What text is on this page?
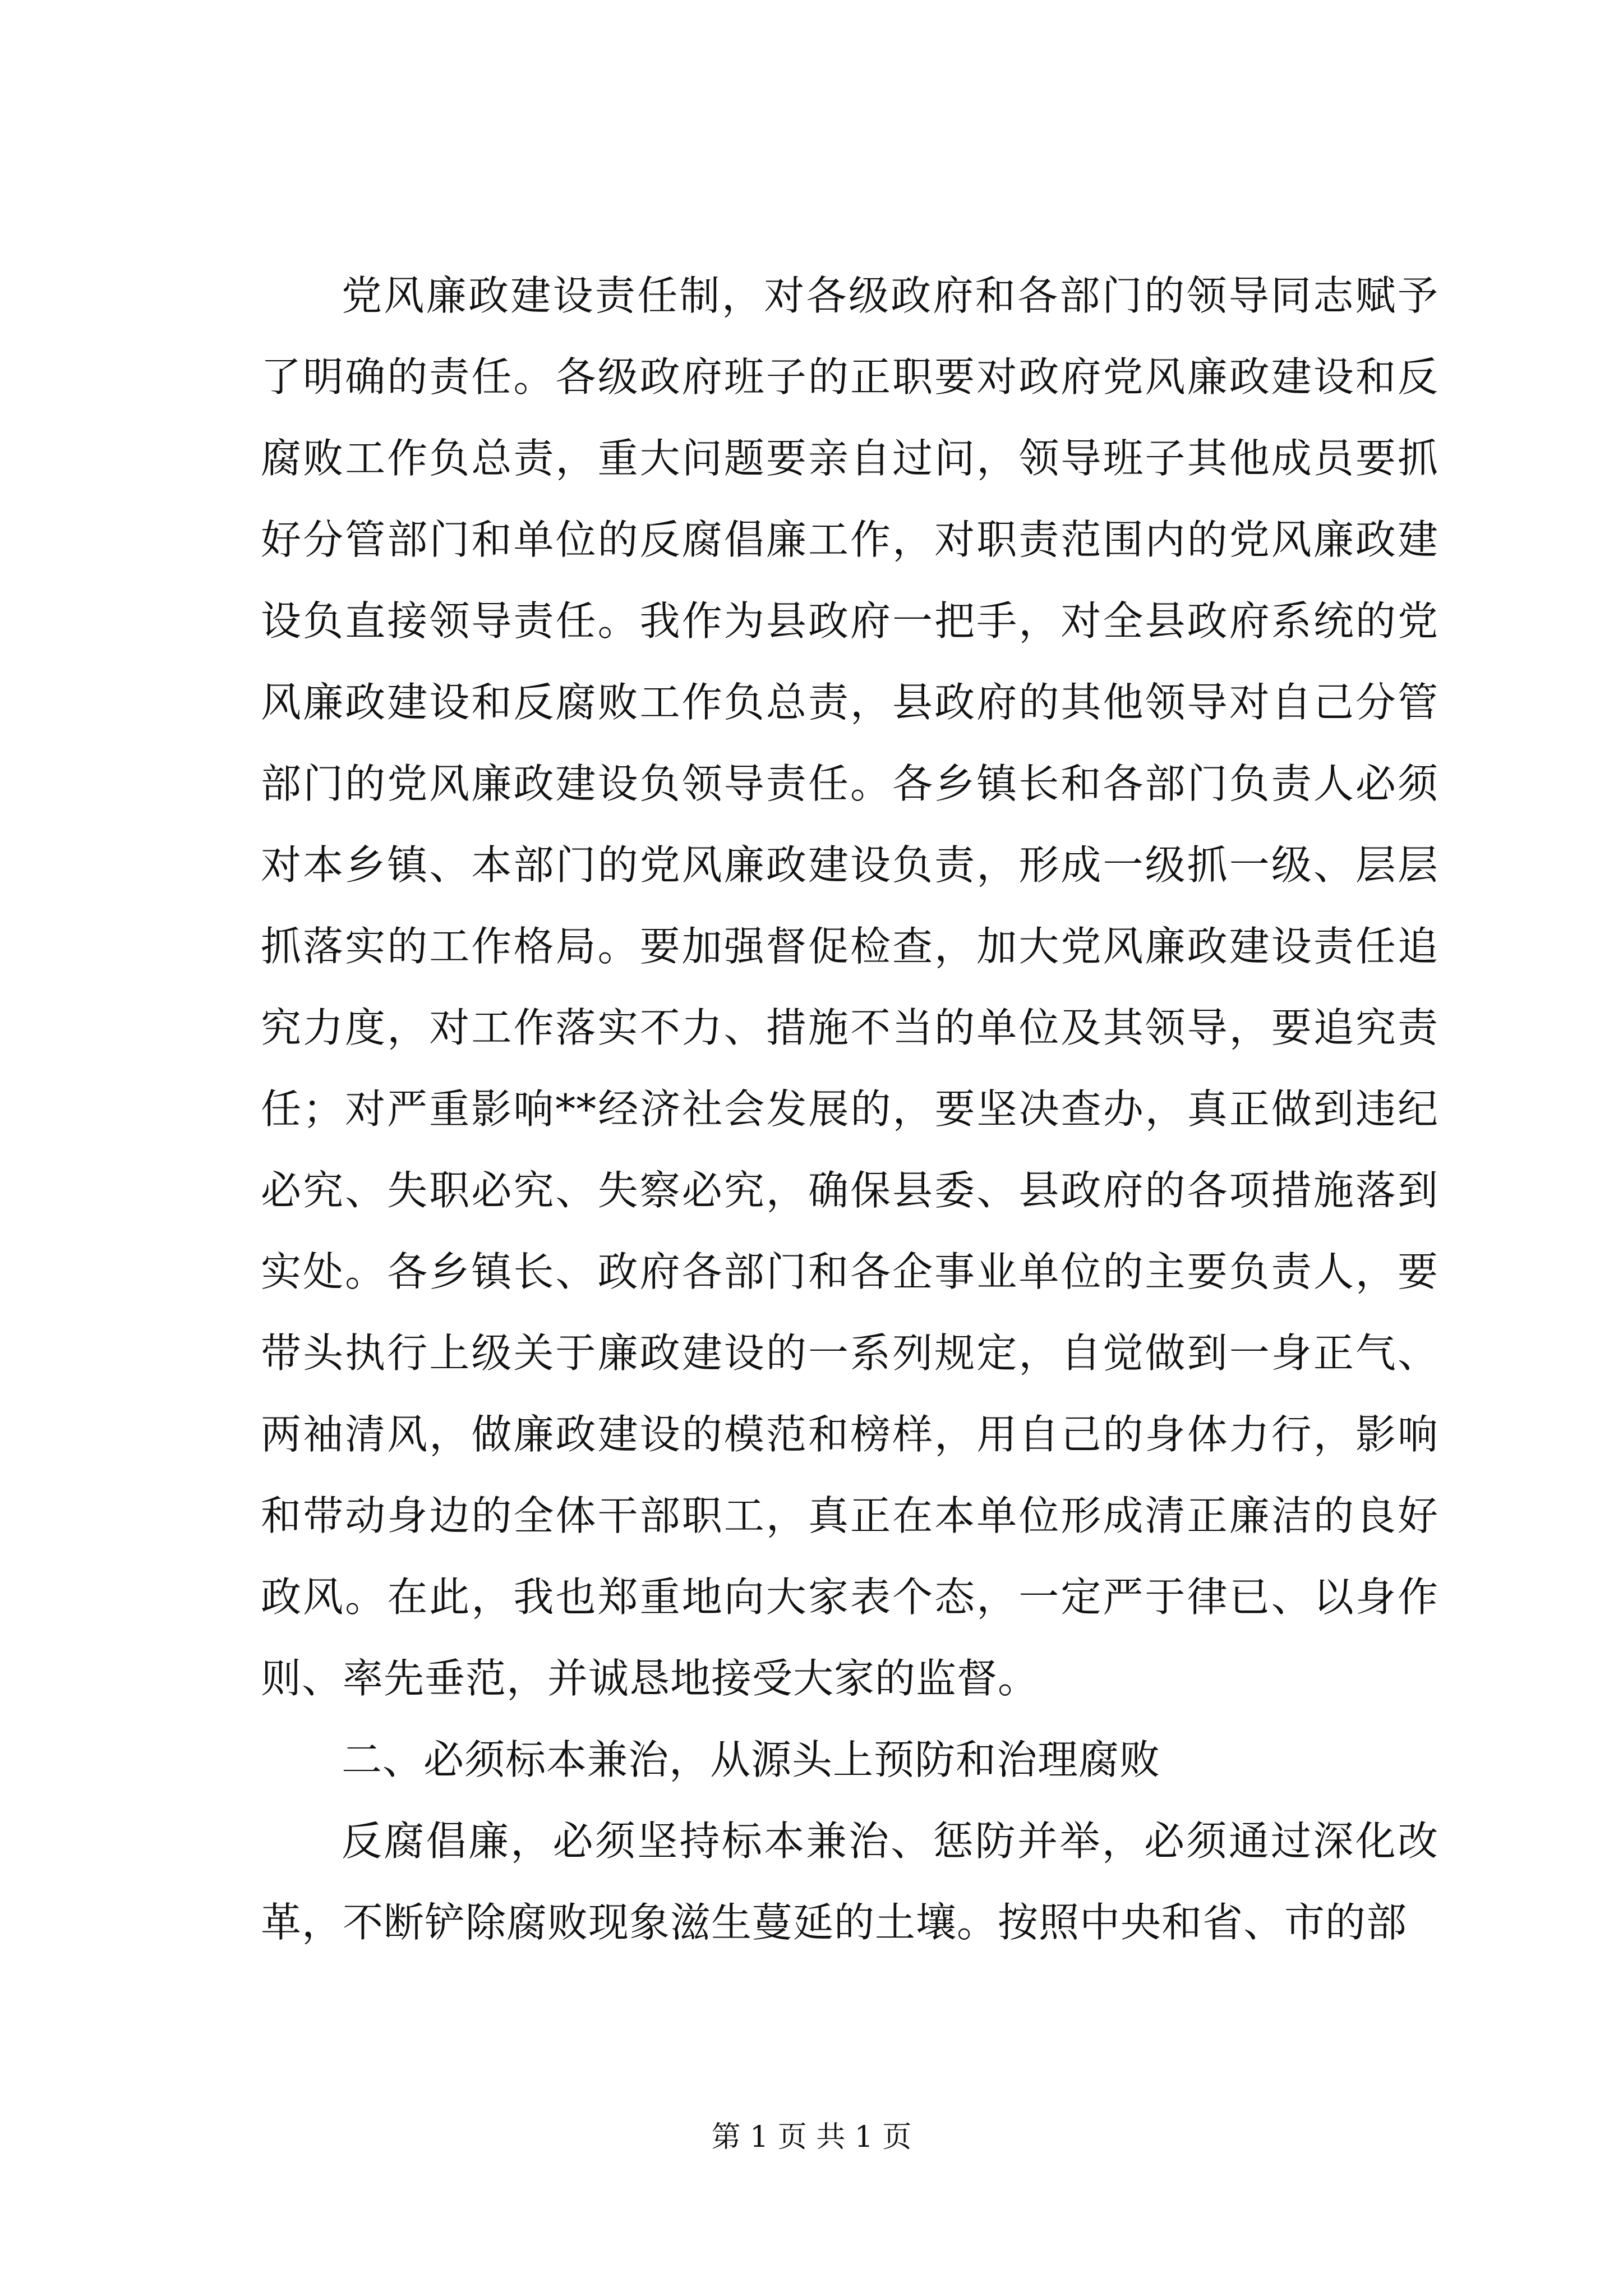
党风廉政建设责任制，对各级政府和各部门的领导同志赋予了明确的责任。各级政府班子的正职要对政府党风廉政建设和反腐败工作负总责，重大问题要亲自过问，领导班子其他成员要抓好分管部门和单位的反腐倡廉工作，对职责范围内的党风廉政建设负直接领导责任。我作为县政府一把手，对全县政府系统的党风廉政建设和反腐败工作负总责，县政府的其他领导对自己分管部门的党风廉政建设负领导责任。各乡镇长和各部门负责人必须对本乡镇、本部门的党风廉政建设负责，形成一级抓一级、层层抓落实的工作格局。要加强督促检查，加大党风廉政建设责任追究力度，对工作落实不力、措施不当的单位及其领导，要追究责任；对严重影响**经济社会发展的，要坚决查办，真正做到违纪必究、失职必究、失察必究，确保县委、县政府的各项措施落到实处。各乡镇长、政府各部门和各企事业单位的主要负责人，要带头执行上级关于廉政建设的一系列规定，自觉做到一身正气、两袖清风，做廉政建设的模范和榜样，用自己的身体力行，影响和带动身边的全体干部职工，真正在本单位形成清正廉洁的良好政风。在此，我也郑重地向大家表个态，一定严于律已、以身作则、率先垂范，并诚恳地接受大家的监督。

二、必须标本兼治，从源头上预防和治理腐败

反腐倡廉，必须坚持标本兼治、惩防并举，必须通过深化改革，不断铲除腐败现象滋生蔓延的土壤。按照中央和省、市的部

第 1 页 共 1 页
